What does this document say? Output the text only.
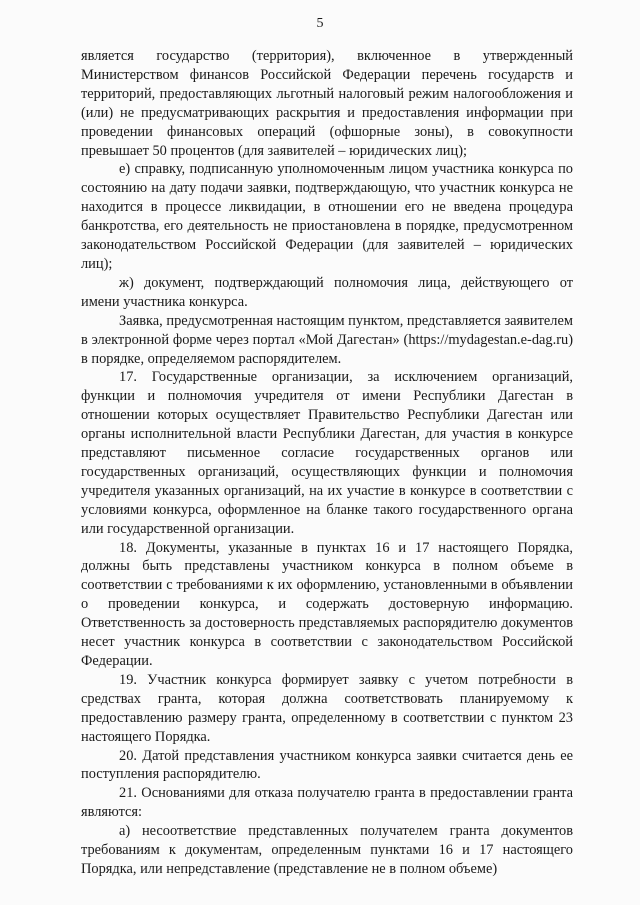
5

является государство (территория), включенное в утвержденный Министерством финансов Российской Федерации перечень государств и территорий, предоставляющих льготный налоговый режим налогообложения и (или) не предусматривающих раскрытия и предоставления информации при проведении финансовых операций (офшорные зоны), в совокупности превышает 50 процентов (для заявителей – юридических лиц);

е) справку, подписанную уполномоченным лицом участника конкурса по состоянию на дату подачи заявки, подтверждающую, что участник конкурса не находится в процессе ликвидации, в отношении его не введена процедура банкротства, его деятельность не приостановлена в порядке, предусмотренном законодательством Российской Федерации (для заявителей – юридических лиц);

ж) документ, подтверждающий полномочия лица, действующего от имени участника конкурса.

Заявка, предусмотренная настоящим пунктом, представляется заявителем в электронной форме через портал «Мой Дагестан» (https://mydagestan.e-dag.ru) в порядке, определяемом распорядителем.

17. Государственные организации, за исключением организаций, функции и полномочия учредителя от имени Республики Дагестан в отношении которых осуществляет Правительство Республики Дагестан или органы исполнительной власти Республики Дагестан, для участия в конкурсе представляют письменное согласие государственных органов или государственных организаций, осуществляющих функции и полномочия учредителя указанных организаций, на их участие в конкурсе в соответствии с условиями конкурса, оформленное на бланке такого государственного органа или государственной организации.

18. Документы, указанные в пунктах 16 и 17 настоящего Порядка, должны быть представлены участником конкурса в полном объеме в соответствии с требованиями к их оформлению, установленными в объявлении о проведении конкурса, и содержать достоверную информацию. Ответственность за достоверность представляемых распорядителю документов несет участник конкурса в соответствии с законодательством Российской Федерации.

19. Участник конкурса формирует заявку с учетом потребности в средствах гранта, которая должна соответствовать планируемому к предоставлению размеру гранта, определенному в соответствии с пунктом 23 настоящего Порядка.

20. Датой представления участником конкурса заявки считается день ее поступления распорядителю.

21. Основаниями для отказа получателю гранта в предоставлении гранта являются:

а) несоответствие представленных получателем гранта документов требованиям к документам, определенным пунктами 16 и 17 настоящего Порядка, или непредставление (представление не в полном объеме)
